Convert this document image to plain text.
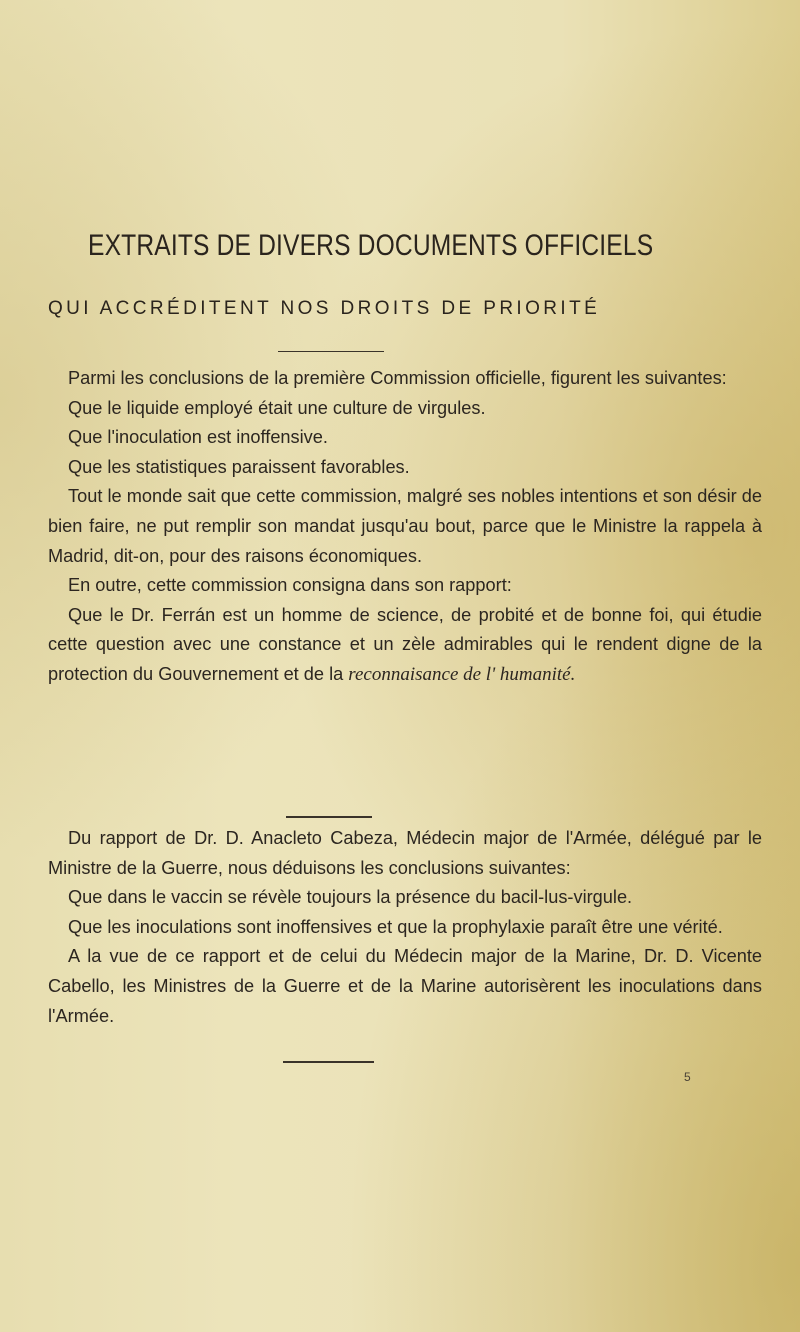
EXTRAITS DE DIVERS DOCUMENTS OFFICIELS
QUI ACCRÉDITENT NOS DROITS DE PRIORITÉ

Parmi les conclusions de la première Commission officielle, figurent les suivantes:

Que le liquide employé était une culture de virgules.

Que l'inoculation est inoffensive.

Que les statistiques paraissent favorables.

Tout le monde sait que cette commission, malgré ses nobles intentions et son désir de bien faire, ne put remplir son mandat jusqu'au bout, parce que le Ministre la rappela à Madrid, dit-on, pour des raisons économiques.

En outre, cette commission consigna dans son rapport:

Que le Dr. Ferrán est un homme de science, de probité et de bonne foi, qui étudie cette question avec une constance et un zèle admirables qui le rendent digne de la protection du Gouvernement et de la reconnaisance de l' humanité.

Du rapport de Dr. D. Anacleto Cabeza, Médecin major de l'Armée, délégué par le Ministre de la Guerre, nous déduisons les conclusions suivantes:

Que dans le vaccin se révèle toujours la présence du bacil-lus-virgule.

Que les inoculations sont inoffensives et que la prophylaxie paraît être une vérité.

A la vue de ce rapport et de celui du Médecin major de la Marine, Dr. D. Vicente Cabello, les Ministres de la Guerre et de la Marine autorisèrent les inoculations dans l'Armée.

5
